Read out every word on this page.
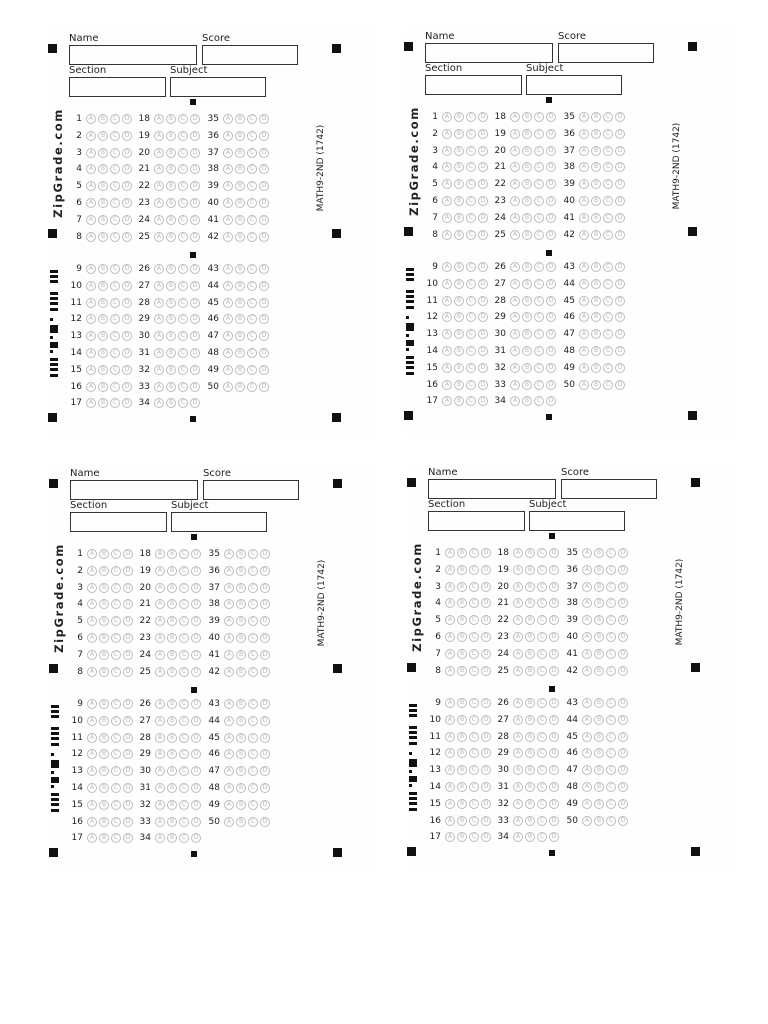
Name	Score
Section	Subject
ZipGrade.com	MATH9-2ND (1742)
1	A	B	C	D
2	A	B	C	D
3	A	B	C	D
4	A	B	C	D
5	A	B	C	D
6	A	B	C	D
7	A	B	C	D
8	A	B	C	D
18	A	B	C	D
19	A	B	C	D
20	A	B	C	D
21	A	B	C	D
22	A	B	C	D
23	A	B	C	D
24	A	B	C	D
25	A	B	C	D
35	A	B	C	D
36	A	B	C	D
37	A	B	C	D
38	A	B	C	D
39	A	B	C	D
40	A	B	C	D
41	A	B	C	D
42	A	B	C	D
9	A	B	C	D
10	A	B	C	D
11	A	B	C	D
12	A	B	C	D
13	A	B	C	D
14	A	B	C	D
15	A	B	C	D
16	A	B	C	D
17	A	B	C	D
26	A	B	C	D
27	A	B	C	D
28	A	B	C	D
29	A	B	C	D
30	A	B	C	D
31	A	B	C	D
32	A	B	C	D
33	A	B	C	D
34	A	B	C	D
43	A	B	C	D
44	A	B	C	D
45	A	B	C	D
46	A	B	C	D
47	A	B	C	D
48	A	B	C	D
49	A	B	C	D
50	A	B	C	D
Name	Score
Section	Subject
ZipGrade.com	MATH9-2ND (1742)
1	A	B	C	D
2	A	B	C	D
3	A	B	C	D
4	A	B	C	D
5	A	B	C	D
6	A	B	C	D
7	A	B	C	D
8	A	B	C	D
18	A	B	C	D
19	A	B	C	D
20	A	B	C	D
21	A	B	C	D
22	A	B	C	D
23	A	B	C	D
24	A	B	C	D
25	A	B	C	D
35	A	B	C	D
36	A	B	C	D
37	A	B	C	D
38	A	B	C	D
39	A	B	C	D
40	A	B	C	D
41	A	B	C	D
42	A	B	C	D
9	A	B	C	D
10	A	B	C	D
11	A	B	C	D
12	A	B	C	D
13	A	B	C	D
14	A	B	C	D
15	A	B	C	D
16	A	B	C	D
17	A	B	C	D
26	A	B	C	D
27	A	B	C	D
28	A	B	C	D
29	A	B	C	D
30	A	B	C	D
31	A	B	C	D
32	A	B	C	D
33	A	B	C	D
34	A	B	C	D
43	A	B	C	D
44	A	B	C	D
45	A	B	C	D
46	A	B	C	D
47	A	B	C	D
48	A	B	C	D
49	A	B	C	D
50	A	B	C	D
Name	Score
Section	Subject
ZipGrade.com	MATH9-2ND (1742)
1	A	B	C	D
2	A	B	C	D
3	A	B	C	D
4	A	B	C	D
5	A	B	C	D
6	A	B	C	D
7	A	B	C	D
8	A	B	C	D
18	A	B	C	D
19	A	B	C	D
20	A	B	C	D
21	A	B	C	D
22	A	B	C	D
23	A	B	C	D
24	A	B	C	D
25	A	B	C	D
35	A	B	C	D
36	A	B	C	D
37	A	B	C	D
38	A	B	C	D
39	A	B	C	D
40	A	B	C	D
41	A	B	C	D
42	A	B	C	D
9	A	B	C	D
10	A	B	C	D
11	A	B	C	D
12	A	B	C	D
13	A	B	C	D
14	A	B	C	D
15	A	B	C	D
16	A	B	C	D
17	A	B	C	D
26	A	B	C	D
27	A	B	C	D
28	A	B	C	D
29	A	B	C	D
30	A	B	C	D
31	A	B	C	D
32	A	B	C	D
33	A	B	C	D
34	A	B	C	D
43	A	B	C	D
44	A	B	C	D
45	A	B	C	D
46	A	B	C	D
47	A	B	C	D
48	A	B	C	D
49	A	B	C	D
50	A	B	C	D
Name	Score
Section	Subject
ZipGrade.com	MATH9-2ND (1742)
1	A	B	C	D
2	A	B	C	D
3	A	B	C	D
4	A	B	C	D
5	A	B	C	D
6	A	B	C	D
7	A	B	C	D
8	A	B	C	D
18	A	B	C	D
19	A	B	C	D
20	A	B	C	D
21	A	B	C	D
22	A	B	C	D
23	A	B	C	D
24	A	B	C	D
25	A	B	C	D
35	A	B	C	D
36	A	B	C	D
37	A	B	C	D
38	A	B	C	D
39	A	B	C	D
40	A	B	C	D
41	A	B	C	D
42	A	B	C	D
9	A	B	C	D
10	A	B	C	D
11	A	B	C	D
12	A	B	C	D
13	A	B	C	D
14	A	B	C	D
15	A	B	C	D
16	A	B	C	D
17	A	B	C	D
26	A	B	C	D
27	A	B	C	D
28	A	B	C	D
29	A	B	C	D
30	A	B	C	D
31	A	B	C	D
32	A	B	C	D
33	A	B	C	D
34	A	B	C	D
43	A	B	C	D
44	A	B	C	D
45	A	B	C	D
46	A	B	C	D
47	A	B	C	D
48	A	B	C	D
49	A	B	C	D
50	A	B	C	D
